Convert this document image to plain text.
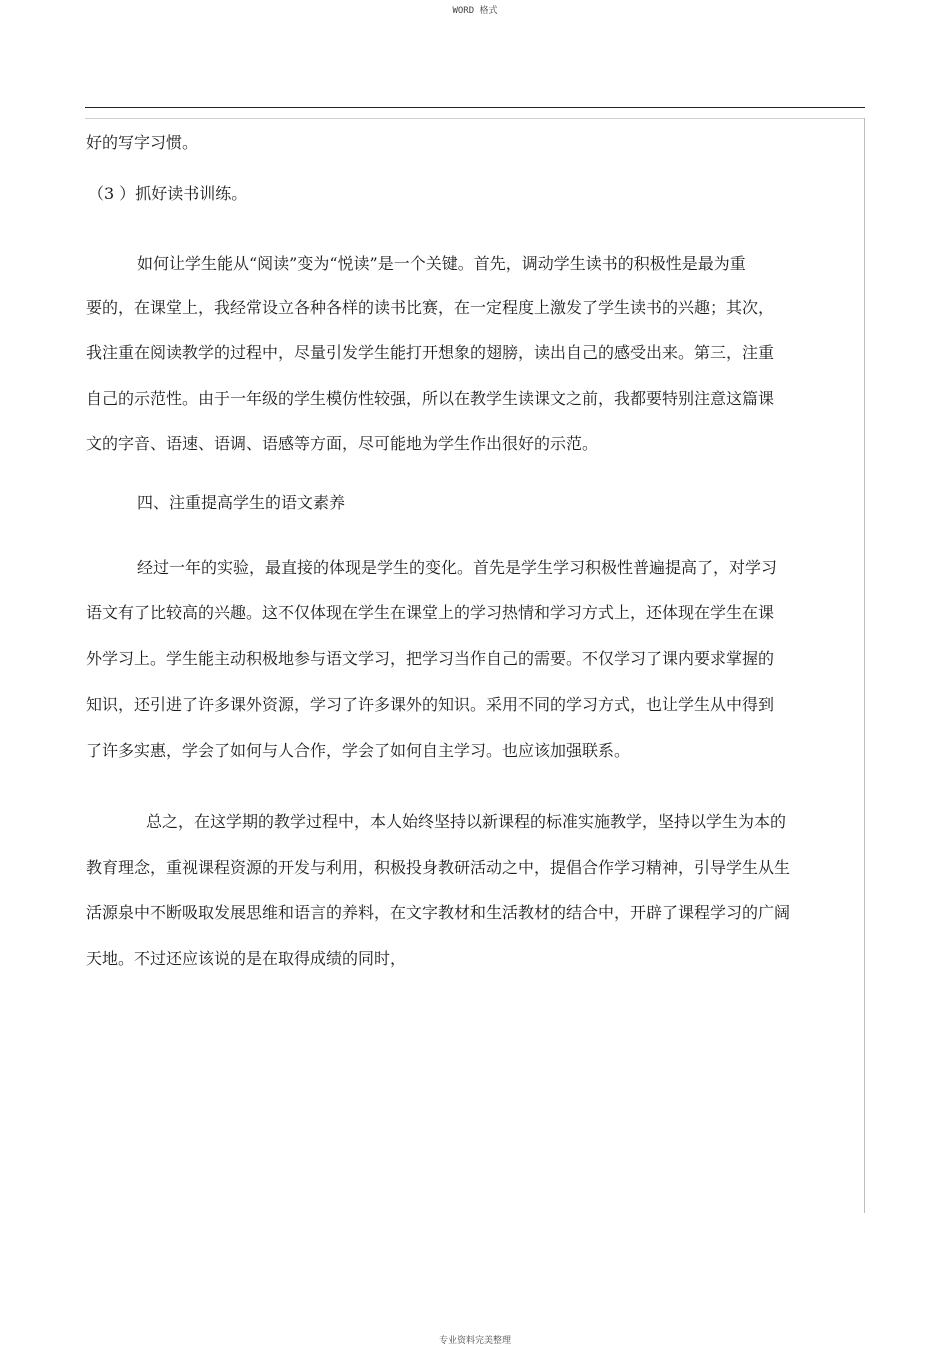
WORD 格式
好的写字习惯。
（3 ）抓好读书训练。
如何让学生能从“阅读”变为“悦读”是一个关键。首先，调动学生读书的积极性是最为重
要的，在课堂上，我经常设立各种各样的读书比赛，在一定程度上激发了学生读书的兴趣；其次，
我注重在阅读教学的过程中，尽量引发学生能打开想象的翅膀，读出自己的感受出来。第三，注重
自己的示范性。由于一年级的学生模仿性较强，所以在教学生读课文之前，我都要特别注意这篇课
文的字音、语速、语调、语感等方面，尽可能地为学生作出很好的示范。
四、注重提高学生的语文素养
经过一年的实验，最直接的体现是学生的变化。首先是学生学习积极性普遍提高了，对学习
语文有了比较高的兴趣。这不仅体现在学生在课堂上的学习热情和学习方式上，还体现在学生在课
外学习上。学生能主动积极地参与语文学习，把学习当作自己的需要。不仅学习了课内要求掌握的
知识，还引进了许多课外资源，学习了许多课外的知识。采用不同的学习方式，也让学生从中得到
了许多实惠，学会了如何与人合作，学会了如何自主学习。也应该加强联系。
总之，在这学期的教学过程中，本人始终坚持以新课程的标准实施教学，坚持以学生为本的
教育理念，重视课程资源的开发与利用，积极投身教研活动之中，提倡合作学习精神，引导学生从生
活源泉中不断吸取发展思维和语言的养料，在文字教材和生活教材的结合中，开辟了课程学习的广阔
天地。不过还应该说的是在取得成绩的同时，
专业资料完美整理
